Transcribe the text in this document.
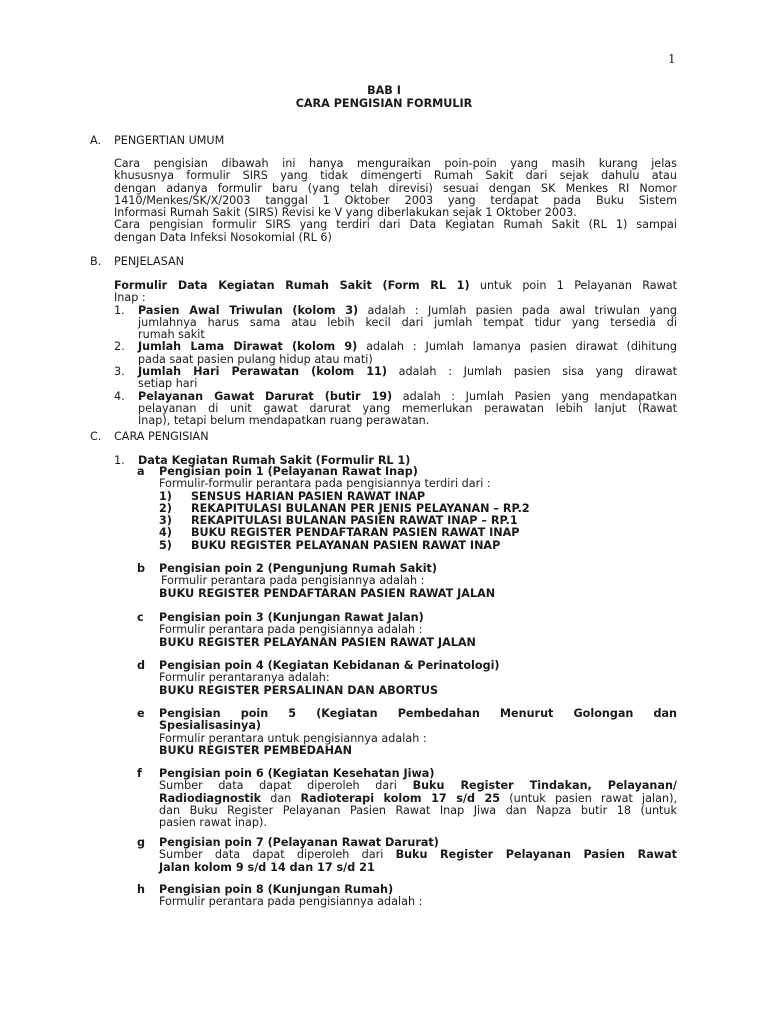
1
BAB I
CARA PENGISIAN FORMULIR
A. PENGERTIAN UMUM
Cara pengisian dibawah ini hanya menguraikan poin-poin yang masih kurang jelas
khususnya formulir SIRS yang tidak dimengerti Rumah Sakit dari sejak dahulu atau
dengan adanya formulir baru (yang telah direvisi) sesuai dengan SK Menkes RI Nomor
1410/Menkes/SK/X/2003 tanggal 1 Oktober 2003 yang terdapat pada Buku Sistem
Informasi Rumah Sakit (SIRS) Revisi ke V yang diberlakukan sejak 1 Oktober 2003.
Cara pengisian formulir SIRS yang terdiri dari Data Kegiatan Rumah Sakit (RL 1) sampai
dengan Data Infeksi Nosokomial (RL 6)
B. PENJELASAN
Formulir Data Kegiatan Rumah Sakit (Form RL 1) untuk poin 1 Pelayanan Rawat
Inap :
1. Pasien Awal Triwulan (kolom 3) adalah : Jumlah pasien pada awal triwulan yang
jumlahnya harus sama atau lebih kecil dari jumlah tempat tidur yang tersedia di
rumah sakit
2. Jumlah Lama Dirawat (kolom 9) adalah : Jumlah lamanya pasien dirawat (dihitung
pada saat pasien pulang hidup atau mati)
3. Jumlah Hari Perawatan (kolom 11) adalah : Jumlah pasien sisa yang dirawat
setiap hari
4. Pelayanan Gawat Darurat (butir 19) adalah : Jumlah Pasien yang mendapatkan
pelayanan di unit gawat darurat yang memerlukan perawatan lebih lanjut (Rawat
Inap), tetapi belum mendapatkan ruang perawatan.
C. CARA PENGISIAN
1. Data Kegiatan Rumah Sakit (Formulir RL 1)
a Pengisian poin 1 (Pelayanan Rawat Inap)
Formulir-formulir perantara pada pengisiannya terdiri dari :
1) SENSUS HARIAN PASIEN RAWAT INAP
2) REKAPITULASI BULANAN PER JENIS PELAYANAN – RP.2
3) REKAPITULASI BULANAN PASIEN RAWAT INAP – RP.1
4) BUKU REGISTER PENDAFTARAN PASIEN RAWAT INAP
5) BUKU REGISTER PELAYANAN PASIEN RAWAT INAP
b Pengisian poin 2 (Pengunjung Rumah Sakit)
Formulir perantara pada pengisiannya adalah :
BUKU REGISTER PENDAFTARAN PASIEN RAWAT JALAN
c Pengisian poin 3 (Kunjungan Rawat Jalan)
Formulir perantara pada pengisiannya adalah :
BUKU REGISTER PELAYANAN PASIEN RAWAT JALAN
d Pengisian poin 4 (Kegiatan Kebidanan & Perinatologi)
Formulir perantaranya adalah:
BUKU REGISTER PERSALINAN DAN ABORTUS
e Pengisian poin 5 (Kegiatan Pembedahan Menurut Golongan dan
Spesialisasinya)
Formulir perantara untuk pengisiannya adalah :
BUKU REGISTER PEMBEDAHAN
f Pengisian poin 6 (Kegiatan Kesehatan Jiwa)
Sumber data dapat diperoleh dari Buku Register Tindakan, Pelayanan/
Radiodiagnostik dan Radioterapi kolom 17 s/d 25 (untuk pasien rawat jalan),
dan Buku Register Pelayanan Pasien Rawat Inap Jiwa dan Napza butir 18 (untuk
pasien rawat inap).
g Pengisian poin 7 (Pelayanan Rawat Darurat)
Sumber data dapat diperoleh dari Buku Register Pelayanan Pasien Rawat
Jalan kolom 9 s/d 14 dan 17 s/d 21
h Pengisian poin 8 (Kunjungan Rumah)
Formulir perantara pada pengisiannya adalah :
